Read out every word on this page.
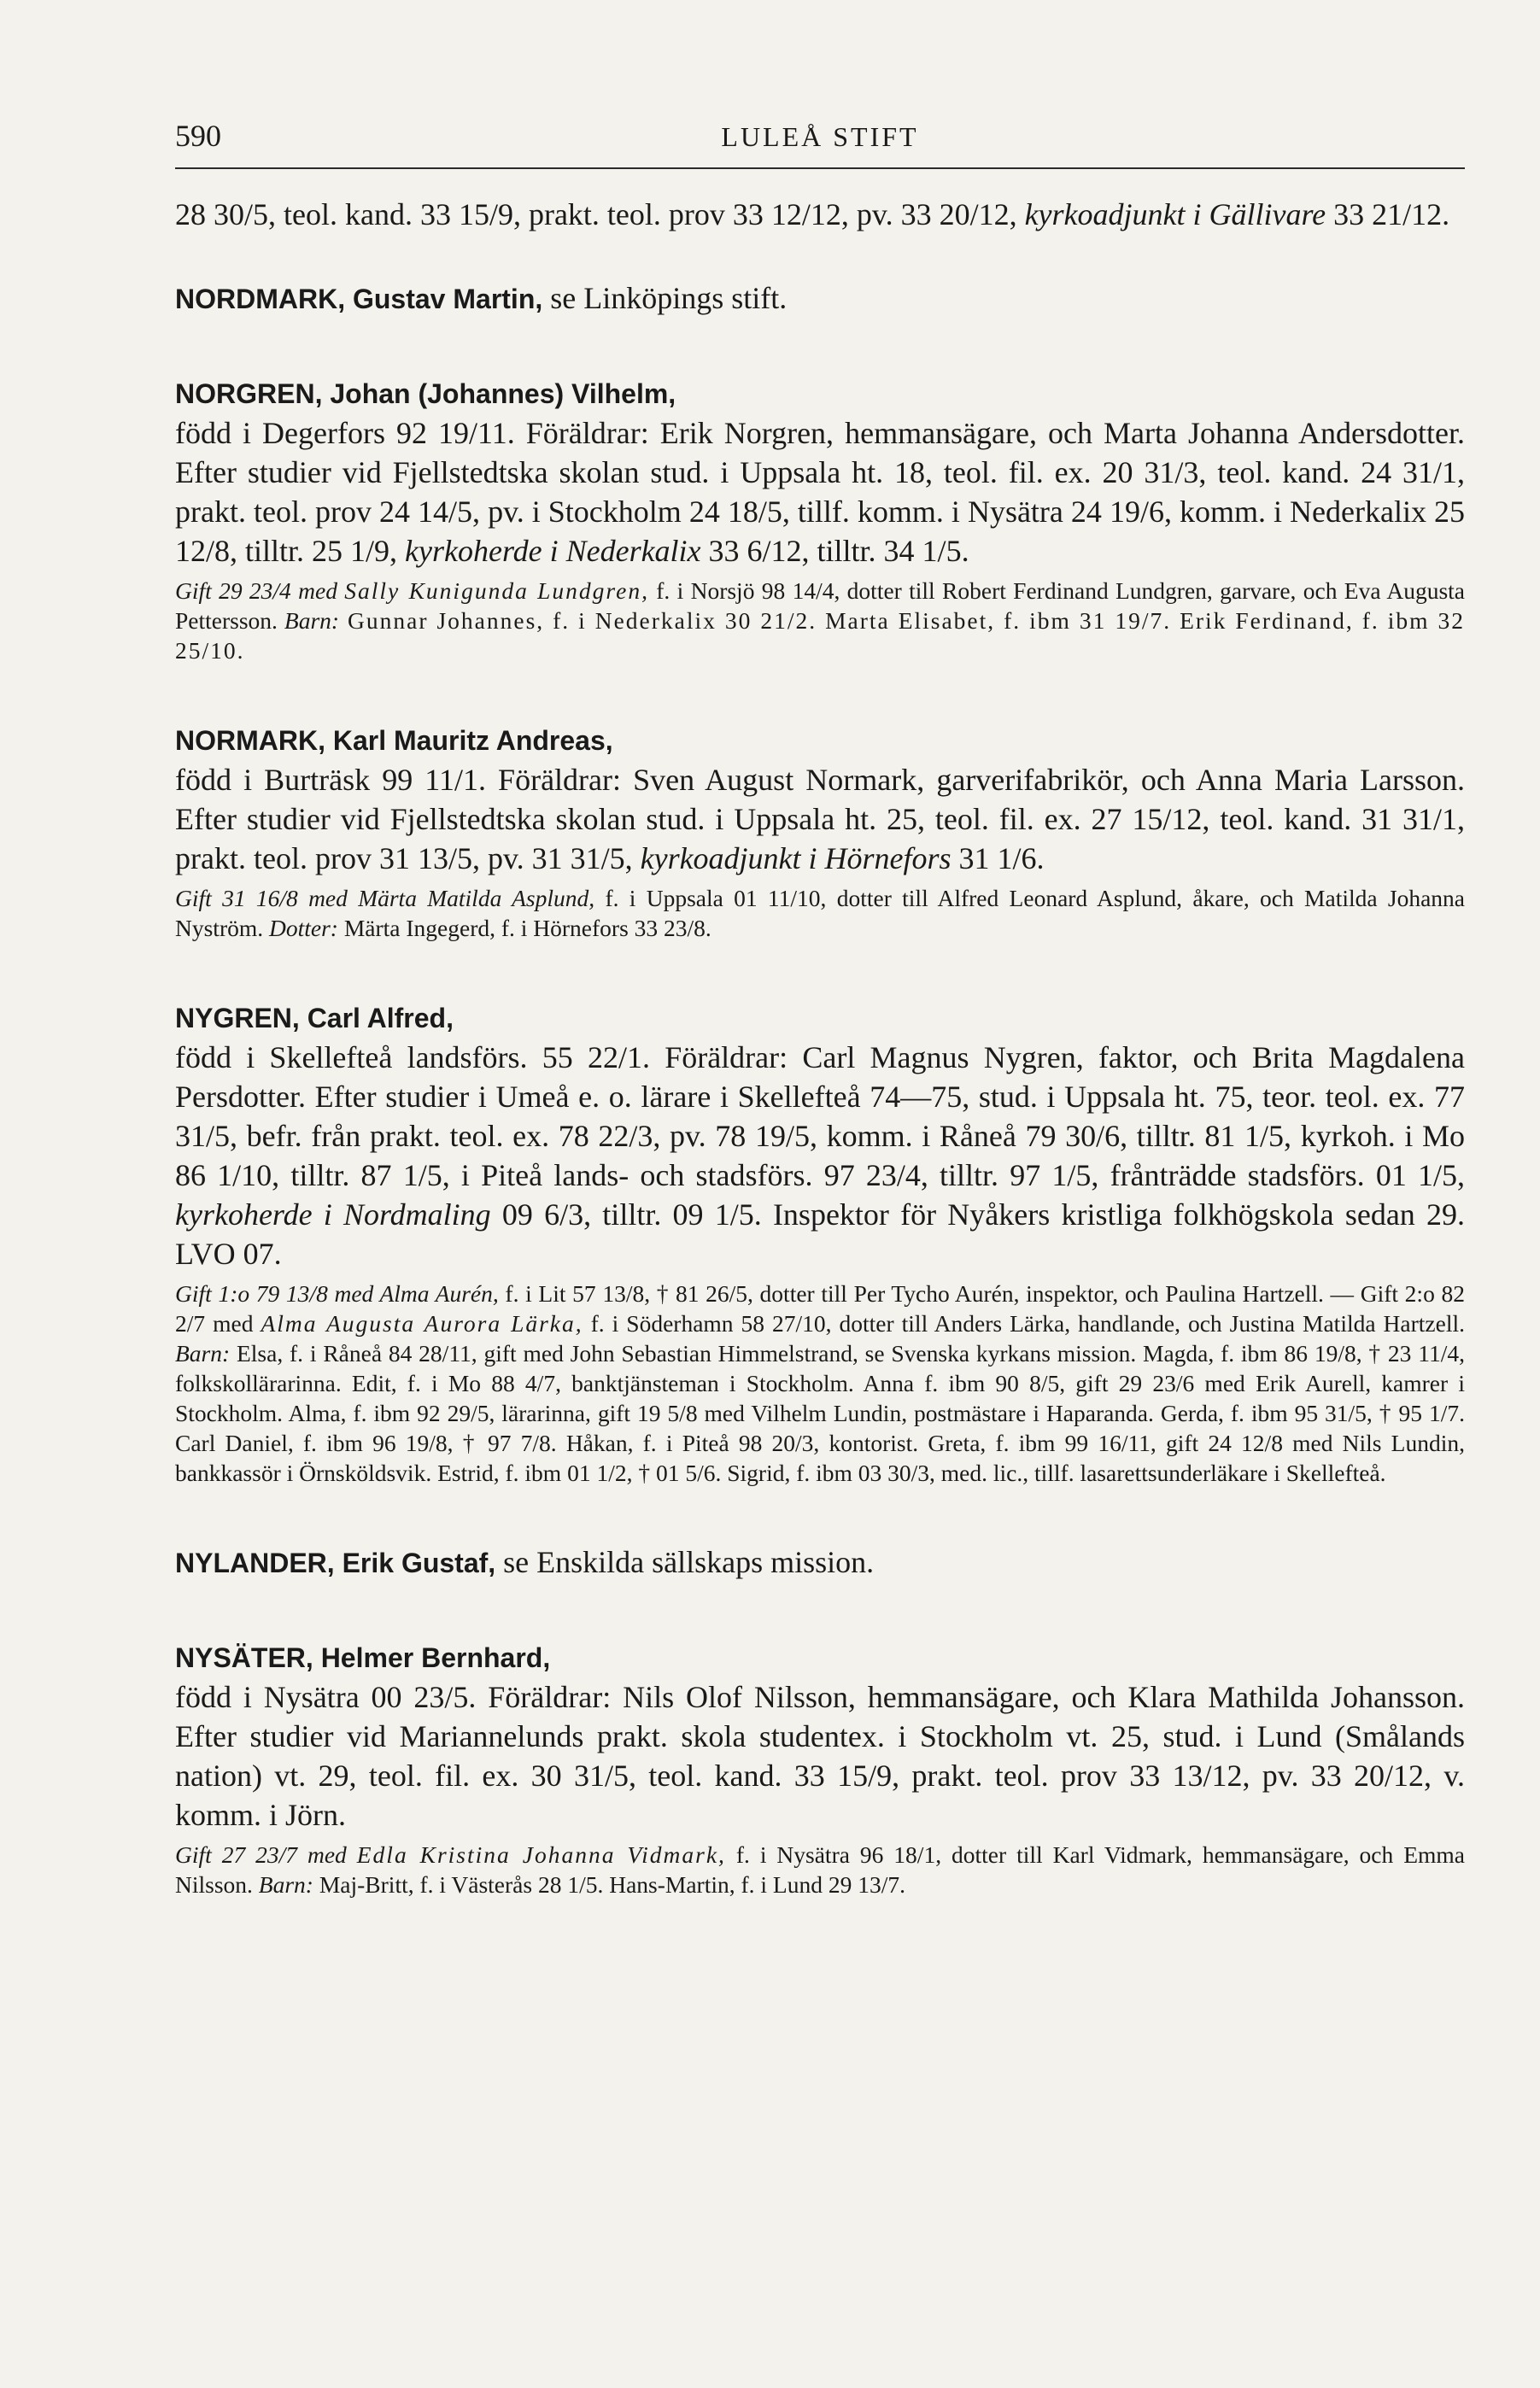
590	LULEÅ STIFT

28 30/5, teol. kand. 33 15/9, prakt. teol. prov 33 12/12, pv. 33 20/12, kyrkoadjunkt i Gällivare 33 21/12.

NORDMARK, Gustav Martin, se Linköpings stift.

NORGREN, Johan (Johannes) Vilhelm,

född i Degerfors 92 19/11. Föräldrar: Erik Norgren, hemmansägare, och Marta Johanna Andersdotter. Efter studier vid Fjellstedtska skolan stud. i Uppsala ht. 18, teol. fil. ex. 20 31/3, teol. kand. 24 31/1, prakt. teol. prov 24 14/5, pv. i Stockholm 24 18/5, tillf. komm. i Nysätra 24 19/6, komm. i Nederkalix 25 12/8, tilltr. 25 1/9, kyrkoherde i Nederkalix 33 6/12, tilltr. 34 1/5.

Gift 29 23/4 med Sally Kunigunda Lundgren, f. i Norsjö 98 14/4, dotter till Robert Ferdinand Lundgren, garvare, och Eva Augusta Pettersson. Barn: Gunnar Johannes, f. i Nederkalix 30 21/2. Marta Elisabet, f. ibm 31 19/7. Erik Ferdinand, f. ibm 32 25/10.

NORMARK, Karl Mauritz Andreas,

född i Burträsk 99 11/1. Föräldrar: Sven August Normark, garverifabrikör, och Anna Maria Larsson. Efter studier vid Fjellstedtska skolan stud. i Uppsala ht. 25, teol. fil. ex. 27 15/12, teol. kand. 31 31/1, prakt. teol. prov 31 13/5, pv. 31 31/5, kyrkoadjunkt i Hörnefors 31 1/6.

Gift 31 16/8 med Märta Matilda Asplund, f. i Uppsala 01 11/10, dotter till Alfred Leonard Asplund, åkare, och Matilda Johanna Nyström. Dotter: Märta Ingegerd, f. i Hörnefors 33 23/8.

NYGREN, Carl Alfred,

född i Skellefteå landsförs. 55 22/1. Föräldrar: Carl Magnus Nygren, faktor, och Brita Magdalena Persdotter. Efter studier i Umeå e. o. lärare i Skellefteå 74—75, stud. i Uppsala ht. 75, teor. teol. ex. 77 31/5, befr. från prakt. teol. ex. 78 22/3, pv. 78 19/5, komm. i Råneå 79 30/6, tilltr. 81 1/5, kyrkoh. i Mo 86 1/10, tilltr. 87 1/5, i Piteå lands- och stadsförs. 97 23/4, tilltr. 97 1/5, frånträdde stadsförs. 01 1/5, kyrkoherde i Nordmaling 09 6/3, tilltr. 09 1/5. Inspektor för Nyåkers kristliga folkhögskola sedan 29. LVO 07.

Gift 1:o 79 13/8 med Alma Aurén, f. i Lit 57 13/8, † 81 26/5, dotter till Per Tycho Aurén, inspektor, och Paulina Hartzell. — Gift 2:o 82 2/7 med Alma Augusta Aurora Lärka, f. i Söderhamn 58 27/10, dotter till Anders Lärka, handlande, och Justina Matilda Hartzell. Barn: Elsa, f. i Råneå 84 28/11, gift med John Sebastian Himmelstrand, se Svenska kyrkans mission. Magda, f. ibm 86 19/8, † 23 11/4, folkskollärarinna. Edit, f. i Mo 88 4/7, banktjänsteman i Stockholm. Anna f. ibm 90 8/5, gift 29 23/6 med Erik Aurell, kamrer i Stockholm. Alma, f. ibm 92 29/5, lärarinna, gift 19 5/8 med Vilhelm Lundin, postmästare i Haparanda. Gerda, f. ibm 95 31/5, † 95 1/7. Carl Daniel, f. ibm 96 19/8, † 97 7/8. Håkan, f. i Piteå 98 20/3, kontorist. Greta, f. ibm 99 16/11, gift 24 12/8 med Nils Lundin, bankkassör i Örnsköldsvik. Estrid, f. ibm 01 1/2, † 01 5/6. Sigrid, f. ibm 03 30/3, med. lic., tillf. lasarettsunderläkare i Skellefteå.

NYLANDER, Erik Gustaf, se Enskilda sällskaps mission.

NYSÄTER, Helmer Bernhard,

född i Nysätra 00 23/5. Föräldrar: Nils Olof Nilsson, hemmansägare, och Klara Mathilda Johansson. Efter studier vid Mariannelunds prakt. skola studentex. i Stockholm vt. 25, stud. i Lund (Smålands nation) vt. 29, teol. fil. ex. 30 31/5, teol. kand. 33 15/9, prakt. teol. prov 33 13/12, pv. 33 20/12, v. komm. i Jörn.

Gift 27 23/7 med Edla Kristina Johanna Vidmark, f. i Nysätra 96 18/1, dotter till Karl Vidmark, hemmansägare, och Emma Nilsson. Barn: Maj-Britt, f. i Västerås 28 1/5. Hans-Martin, f. i Lund 29 13/7.
